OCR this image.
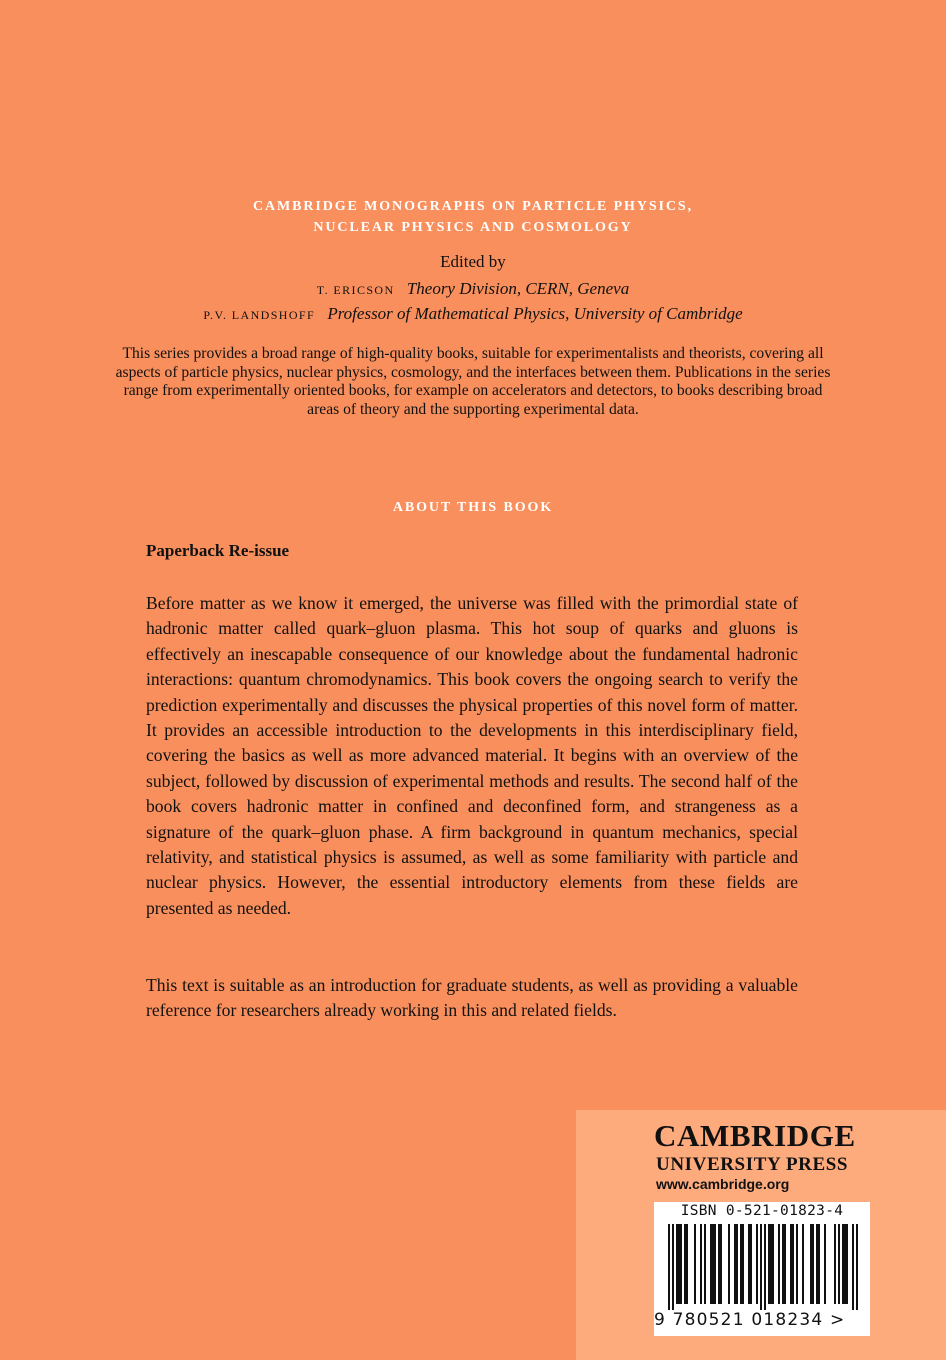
CAMBRIDGE MONOGRAPHS ON PARTICLE PHYSICS,
NUCLEAR PHYSICS AND COSMOLOGY
Edited by
T. ERICSON Theory Division, CERN, Geneva
P.V. LANDSHOFF Professor of Mathematical Physics, University of Cambridge
This series provides a broad range of high-quality books, suitable for experimentalists and theorists, covering all aspects of particle physics, nuclear physics, cosmology, and the interfaces between them. Publications in the series range from experimentally oriented books, for example on accelerators and detectors, to books describing broad areas of theory and the supporting experimental data.
ABOUT THIS BOOK
Paperback Re-issue
Before matter as we know it emerged, the universe was filled with the primordial state of hadronic matter called quark–gluon plasma. This hot soup of quarks and gluons is effectively an inescapable consequence of our knowledge about the fundamental hadronic interactions: quantum chromodynamics. This book covers the ongoing search to verify the prediction experimentally and discusses the physical properties of this novel form of matter. It provides an accessible introduction to the developments in this interdisciplinary field, covering the basics as well as more advanced material. It begins with an overview of the subject, followed by discussion of experimental methods and results. The second half of the book covers hadronic matter in confined and deconfined form, and strangeness as a signature of the quark–gluon phase. A firm background in quantum mechanics, special relativity, and statistical physics is assumed, as well as some familiarity with particle and nuclear physics. However, the essential introductory elements from these fields are presented as needed.
This text is suitable as an introduction for graduate students, as well as providing a valuable reference for researchers already working in this and related fields.
CAMBRIDGE
UNIVERSITY PRESS
www.cambridge.org
ISBN 0-521-01823-4
9 780521 018234 >
